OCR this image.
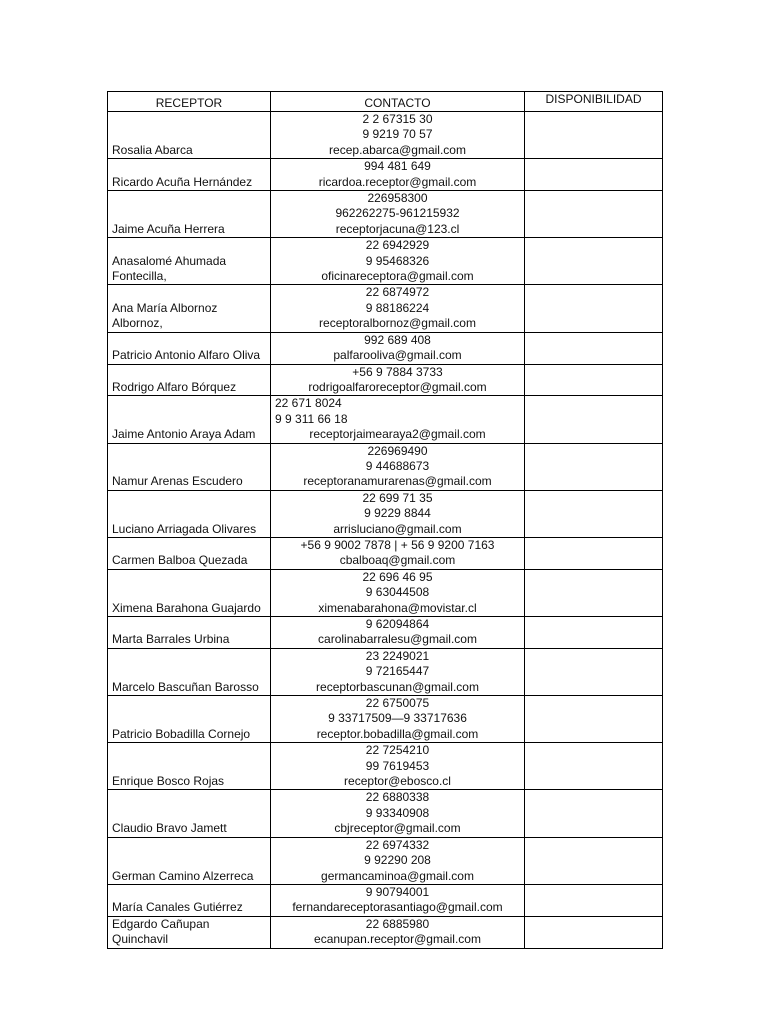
RECEPTOR	CONTACTO	DISPONIBILIDAD
Rosalia Abarca	2 2 67315 30
9 9219 70 57
recep.abarca@gmail.com	

Ricardo Acuña Hernández	994 481 649
ricardoa.receptor@gmail.com	

Jaime Acuña Herrera	226958300
962262275-961215932
receptorjacuna@123.cl	

Anasalomé Ahumada Fontecilla,	22 6942929
9 95468326
oficinareceptora@gmail.com	

Ana María Albornoz Albornoz,	22 6874972
9 88186224
receptoralbornoz@gmail.com	

Patricio Antonio Alfaro Oliva	992 689 408
palfarooliva@gmail.com	

Rodrigo Alfaro Bórquez	+56 9 7884 3733
rodrigoalfaroreceptor@gmail.com	

Jaime Antonio Araya Adam	22 671 8024
9 9 311 66 18
receptorjaimearaya2@gmail.com	

Namur Arenas Escudero	226969490
9 44688673
receptoranamurarenas@gmail.com	

Luciano Arriagada Olivares	22 699 71 35
9 9229 8844
arrisluciano@gmail.com	

Carmen Balboa Quezada	+56 9 9002 7878 | + 56 9 9200 7163
cbalboaq@gmail.com	

Ximena Barahona Guajardo	22 696 46 95
9 63044508
ximenabarahona@movistar.cl	

Marta Barrales Urbina	9 62094864
carolinabarralesu@gmail.com	

Marcelo Bascuñan Barosso	23 2249021
9 72165447
receptorbascunan@gmail.com	

Patricio Bobadilla Cornejo	22 6750075
9 33717509—9 33717636
receptor.bobadilla@gmail.com	

Enrique Bosco Rojas	22 7254210
99 7619453
receptor@ebosco.cl	

Claudio Bravo Jamett	22 6880338
9 93340908
cbjreceptor@gmail.com	

German Camino Alzerreca	22 6974332
9 92290 208
germancaminoa@gmail.com	

María Canales Gutiérrez	9 90794001
fernandareceptorasantiago@gmail.com	

Edgardo Cañupan Quinchavil	22 6885980
ecanupan.receptor@gmail.com	
